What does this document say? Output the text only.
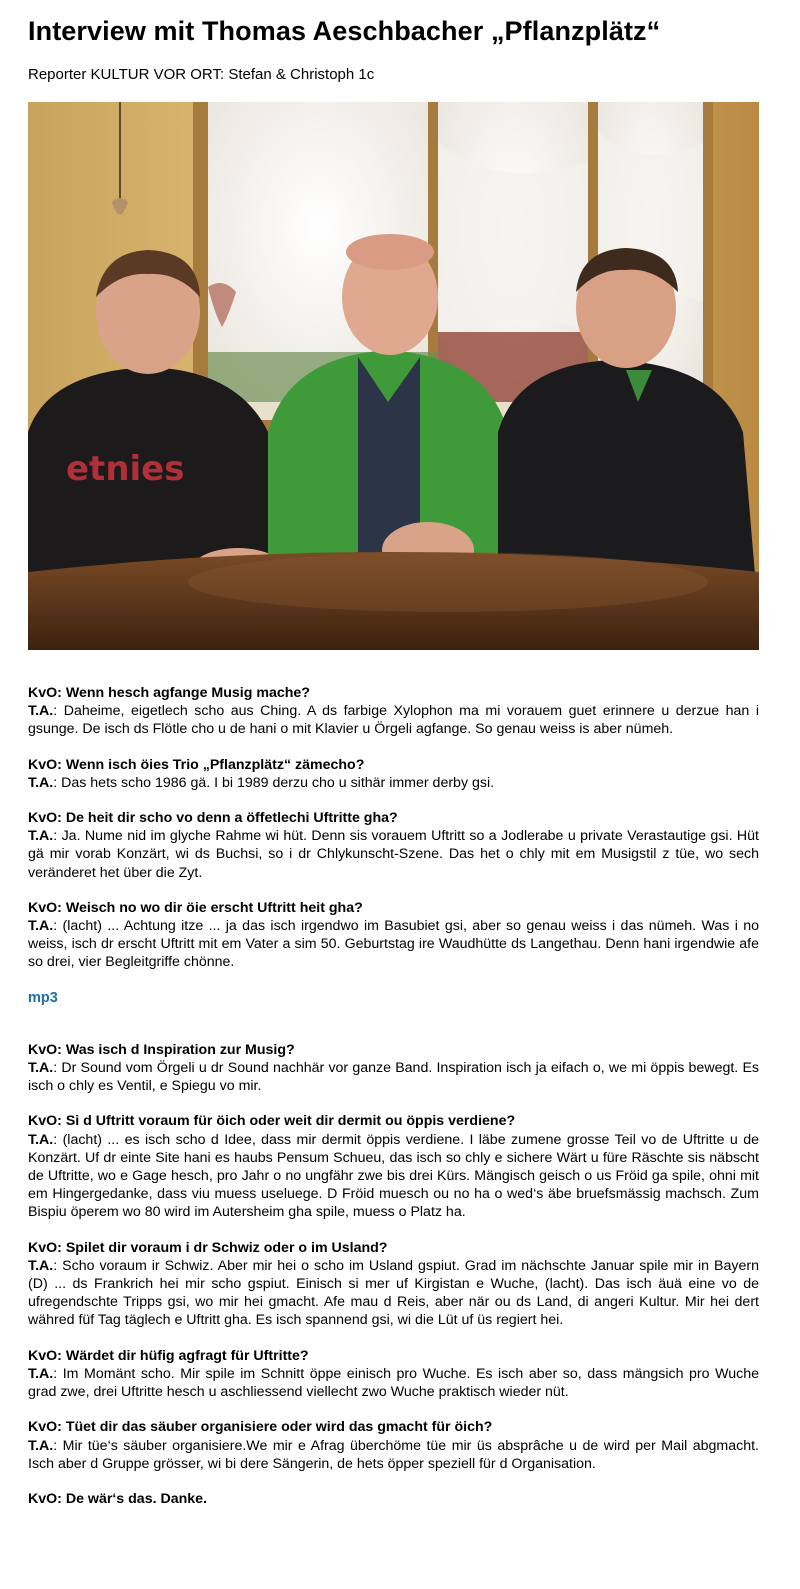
Interview mit Thomas Aeschbacher „Pflanzplätz“
Reporter KULTUR VOR ORT: Stefan & Christoph 1c
etnies

KvO: Wenn hesch agfange Musig mache?

T.A.: Daheime, eigetlech scho aus Ching. A ds farbige Xylophon ma mi vorauem guet erinnere u derzue han i gsunge. De isch ds Flötle cho u de hani o mit Klavier u Örgeli agfange. So genau weiss is aber nümeh.

KvO: Wenn isch öies Trio „Pflanzplätz“ zämecho?

T.A.: Das hets scho 1986 gä. I bi 1989 derzu cho u sithär immer derby gsi.

KvO: De heit dir scho vo denn a öffetlechi Uftritte gha?

T.A.: Ja. Nume nid im glyche Rahme wi hüt. Denn sis vorauem Uftritt so a Jodlerabe u private Verastautige gsi. Hüt gä mir vorab Konzärt, wi ds Buchsi, so i dr Chlykunscht-Szene. Das het o chly mit em Musigstil z tüe, wo sech veränderet het über die Zyt.

KvO: Weisch no wo dir öie erscht Uftritt heit gha?

T.A.: (lacht) ... Achtung itze ... ja das isch irgendwo im Basubiet gsi, aber so genau weiss i das nümeh. Was i no weiss, isch dr erscht Uftritt mit em Vater a sim 50. Geburtstag ire Waudhütte ds Langethau. Denn hani irgendwie afe so drei, vier Begleitgriffe chönne.

mp3

KvO: Was isch d Inspiration zur Musig?

T.A.: Dr Sound vom Örgeli u dr Sound nachhär vor ganze Band. Inspiration isch ja eifach o, we mi öppis bewegt. Es isch o chly es Ventil, e Spiegu vo mir.

KvO: Si d Uftritt voraum für öich oder weit dir dermit ou öppis verdiene?

T.A.: (lacht) ... es isch scho d Idee, dass mir dermit öppis verdiene. I läbe zumene grosse Teil vo de Uftritte u de Konzärt. Uf dr einte Site hani es haubs Pensum Schueu, das isch so chly e sichere Wärt u füre Räschte sis näbscht de Uftritte, wo e Gage hesch, pro Jahr o no ungfähr zwe bis drei Kürs. Mängisch geisch o us Fröid ga spile, ohni mit em Hingergedanke, dass viu muess useluege. D Fröid muesch ou no ha o wed‘s äbe bruefsmässig machsch. Zum Bispiu öperem wo 80 wird im Autersheim gha spile, muess o Platz ha.

KvO: Spilet dir voraum i dr Schwiz oder o im Usland?

T.A.: Scho voraum ir Schwiz. Aber mir hei o scho im Usland gspiut. Grad im nächschte Januar spile mir in Bayern (D) ... ds Frankrich hei mir scho gspiut. Einisch si mer uf Kirgistan e Wuche, (lacht). Das isch äuä eine vo de ufregendschte Tripps gsi, wo mir hei gmacht. Afe mau d Reis, aber när ou ds Land, di angeri Kultur. Mir hei dert währed füf Tag täglech e Uftritt gha. Es isch spannend gsi, wi die Lüt uf üs regiert hei.

KvO: Wärdet dir hüfig agfragt für Uftritte?

T.A.: Im Momänt scho. Mir spile im Schnitt öppe einisch pro Wuche. Es isch aber so, dass mängsich pro Wuche grad zwe, drei Uftritte hesch u aschliessend viellecht zwo Wuche praktisch wieder nüt.

KvO: Tüet dir das säuber organisiere oder wird das gmacht für öich?

T.A.: Mir tüe‘s säuber organisiere.We mir e Afrag überchöme tüe mir üs absprâche u de wird per Mail abgmacht. Isch aber d Gruppe grösser, wi bi dere Sängerin, de hets öpper speziell für d Organisation.

KvO: De wär‘s das. Danke.
